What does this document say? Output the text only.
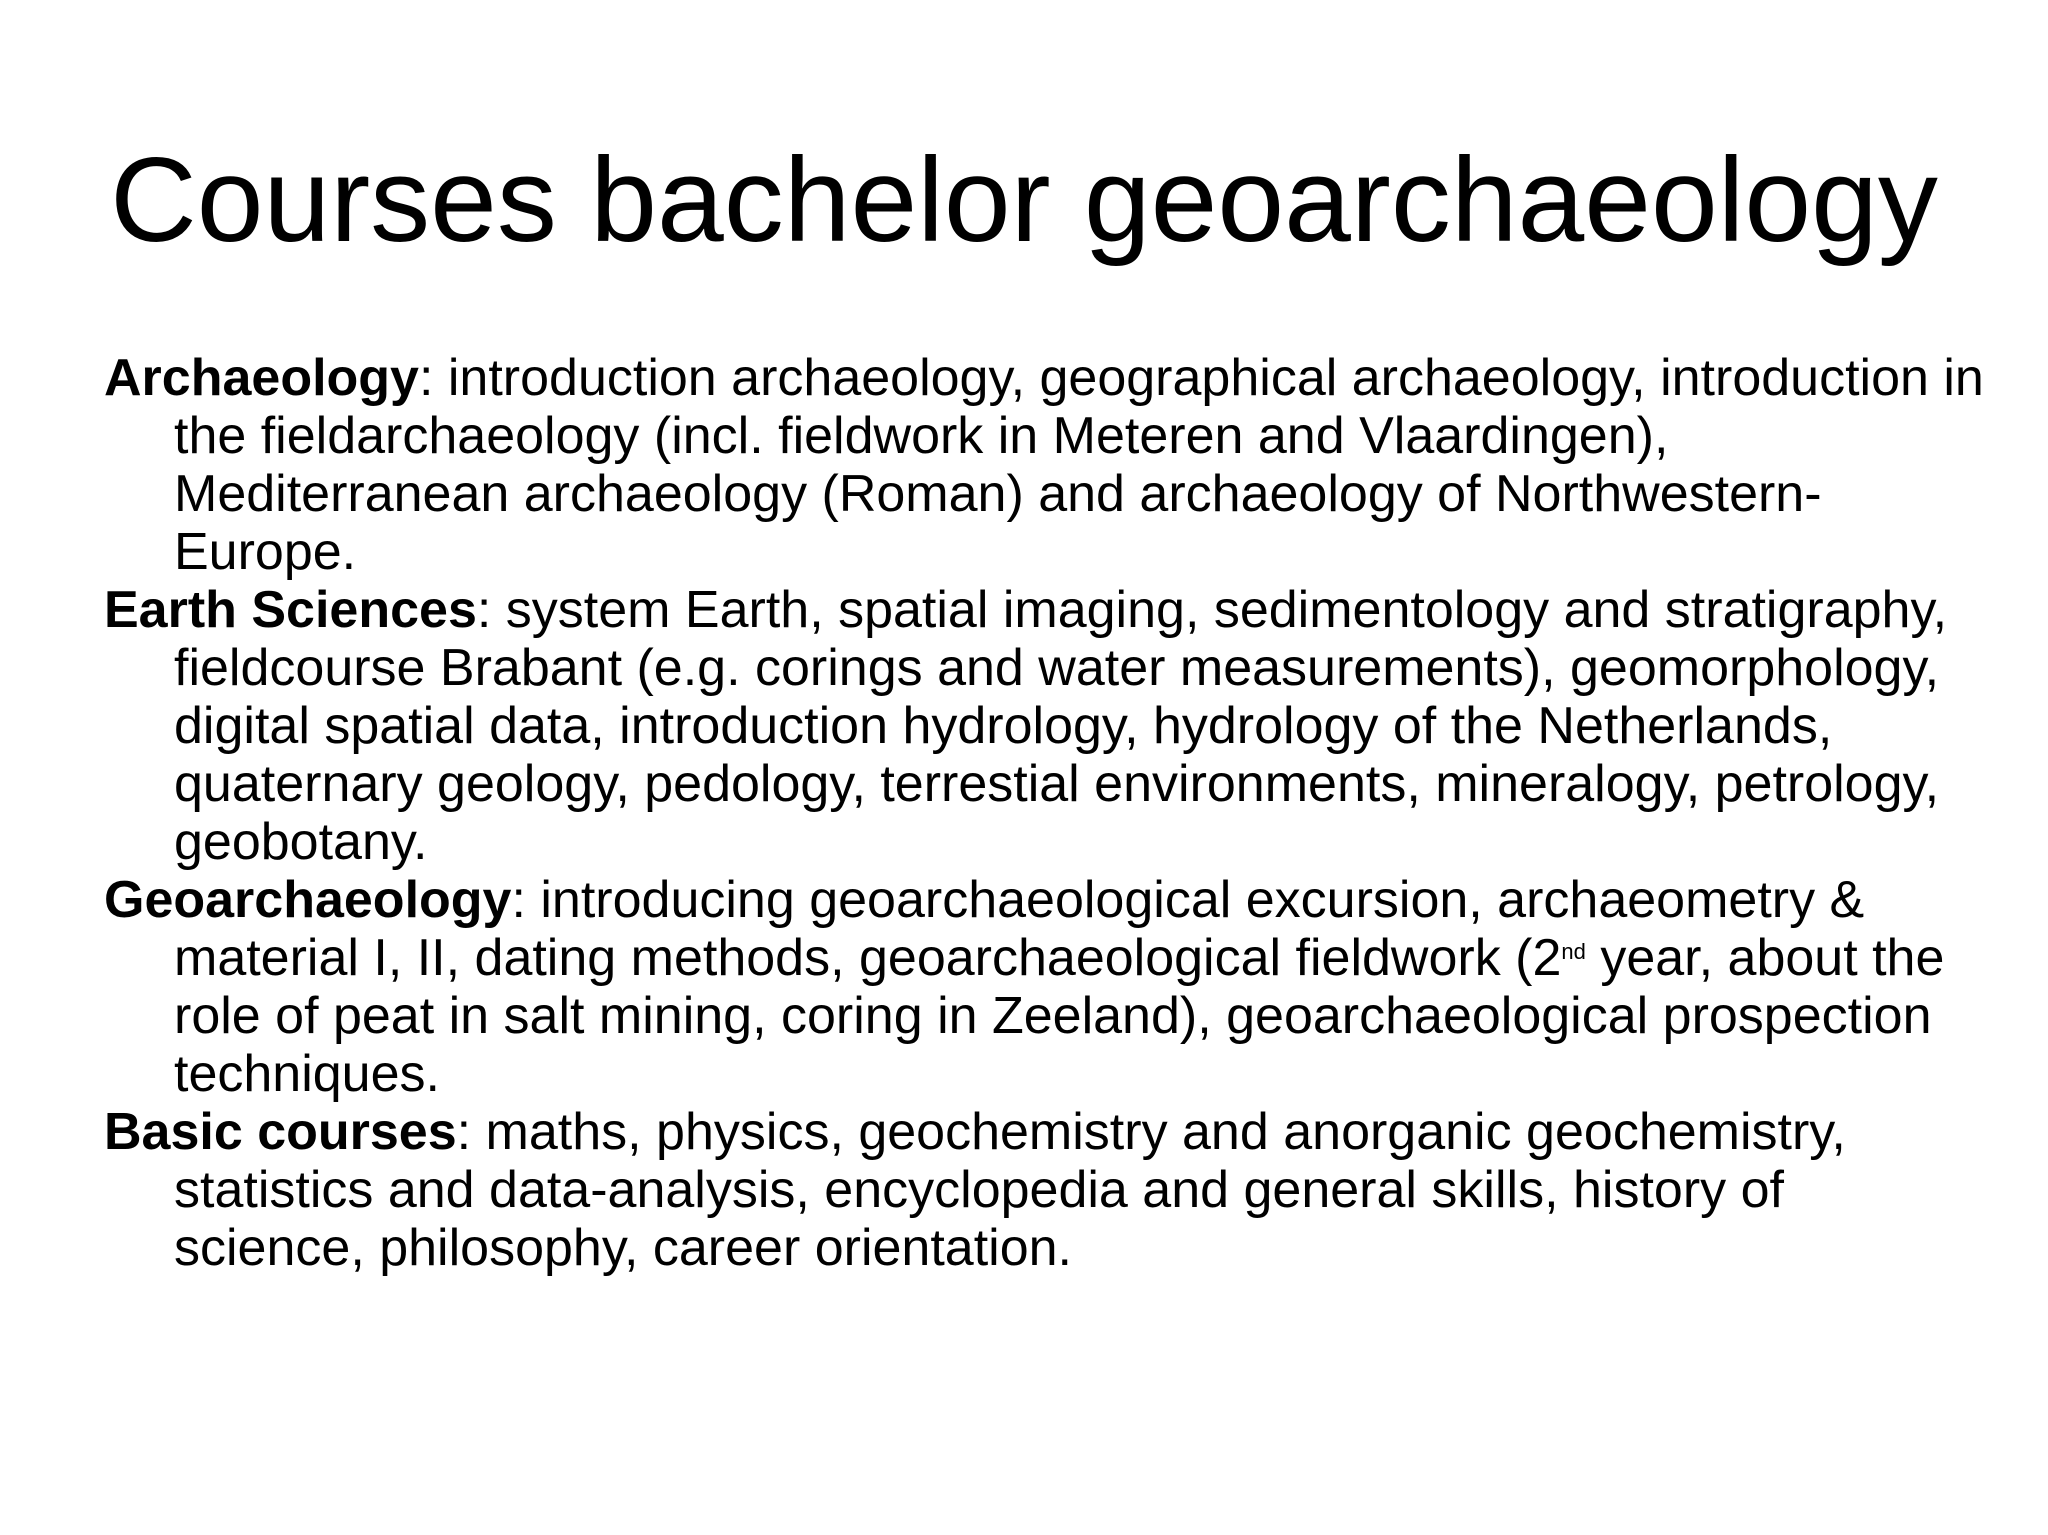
Courses bachelor geoarchaeology

Archaeology: introduction archaeology, geographical archaeology, introduction in the fieldarchaeology (incl. fieldwork in Meteren and Vlaardingen), Mediterranean archaeology (Roman) and archaeology of Northwestern-Europe.

Earth Sciences: system Earth, spatial imaging, sedimentology and stratigraphy, fieldcourse Brabant (e.g. corings and water measurements), geomorphology, digital spatial data, introduction hydrology, hydrology of the Netherlands, quaternary geology, pedology, terrestial environments, mineralogy, petrology, geobotany.

Geoarchaeology: introducing geoarchaeological excursion, archaeometry & material I, II, dating methods, geoarchaeological fieldwork (2nd year, about the role of peat in salt mining, coring in Zeeland), geoarchaeological prospection techniques.

Basic courses: maths, physics, geochemistry and anorganic geochemistry, statistics and data-analysis, encyclopedia and general skills, history of science, philosophy, career orientation.
